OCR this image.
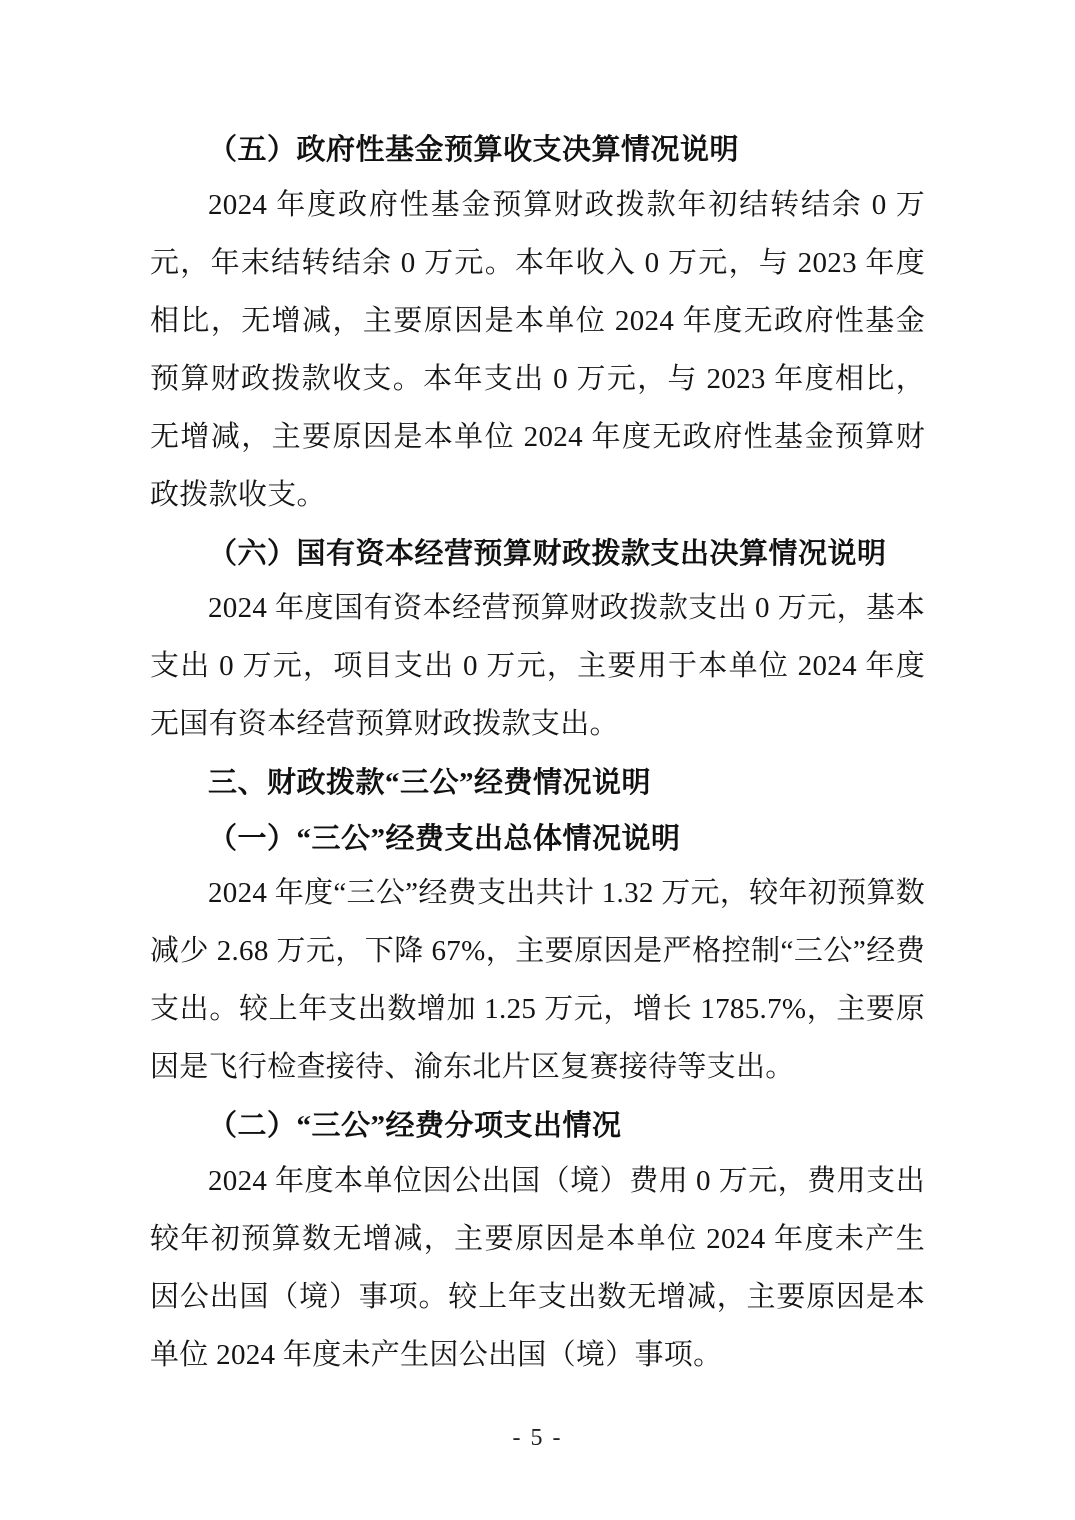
（五）政府性基金预算收支决算情况说明

2024 年度政府性基金预算财政拨款年初结转结余 0 万元，年末结转结余 0 万元。本年收入 0 万元，与 2023 年度相比，无增减，主要原因是本单位 2024 年度无政府性基金预算财政拨款收支。本年支出 0 万元，与 2023 年度相比，无增减，主要原因是本单位 2024 年度无政府性基金预算财政拨款收支。

（六）国有资本经营预算财政拨款支出决算情况说明

2024 年度国有资本经营预算财政拨款支出 0 万元，基本支出 0 万元，项目支出 0 万元，主要用于本单位 2024 年度无国有资本经营预算财政拨款支出。

三、财政拨款“三公”经费情况说明
（一）“三公”经费支出总体情况说明

2024 年度“三公”经费支出共计 1.32 万元，较年初预算数减少 2.68 万元，下降 67%，主要原因是严格控制“三公”经费支出。较上年支出数增加 1.25 万元，增长 1785.7%，主要原因是飞行检查接待、渝东北片区复赛接待等支出。

（二）“三公”经费分项支出情况

2024 年度本单位因公出国（境）费用 0 万元，费用支出较年初预算数无增减，主要原因是本单位 2024 年度未产生因公出国（境）事项。较上年支出数无增减，主要原因是本单位 2024 年度未产生因公出国（境）事项。

- 5 -
